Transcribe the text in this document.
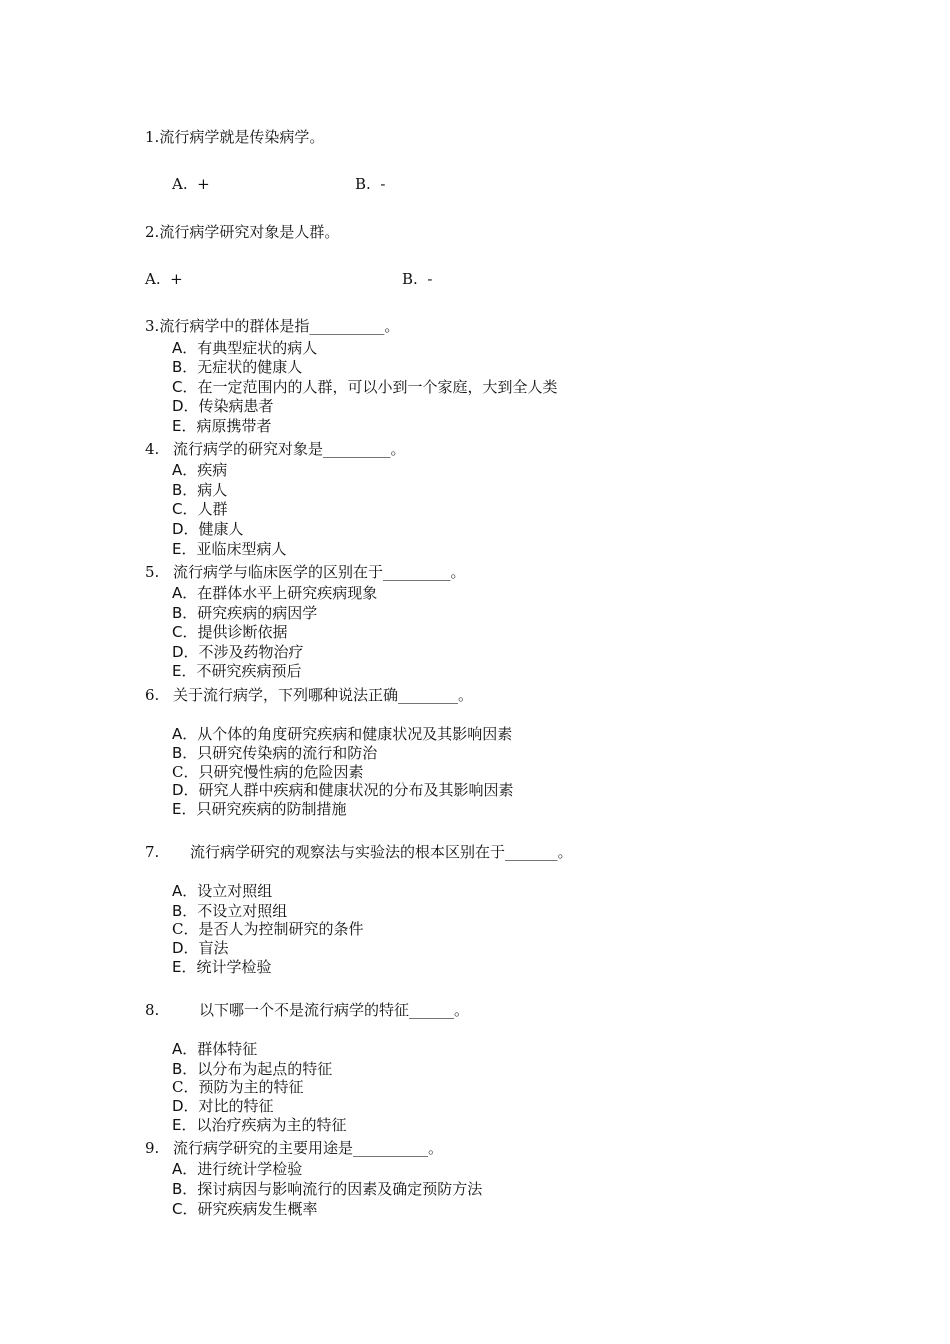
1.流行病学就是传染病学。
A.  +	B.  -
2.流行病学研究对象是人群。
A.  +	B.  -
3.流行病学中的群体是指__________。
A．有典型症状的病人
B．无症状的健康人
C．在一定范围内的人群，可以小到一个家庭，大到全人类
D．传染病患者
E．病原携带者
4. 流行病学的研究对象是_________。
A．疾病
B．病人
C．人群
D．健康人
E．亚临床型病人
5. 流行病学与临床医学的区别在于_________。
A．在群体水平上研究疾病现象
B．研究疾病的病因学
C．提供诊断依据
D．不涉及药物治疗
E．不研究疾病预后
6. 关于流行病学，下列哪种说法正确________。
A．从个体的角度研究疾病和健康状况及其影响因素
B．只研究传染病的流行和防治
C．只研究慢性病的危险因素
D．研究人群中疾病和健康状况的分布及其影响因素
E．只研究疾病的防制措施
7. 流行病学研究的观察法与实验法的根本区别在于_______。
A．设立对照组
B．不设立对照组
C．是否人为控制研究的条件
D．盲法
E．统计学检验
8.	以下哪一个不是流行病学的特征______。
A．群体特征
B．以分布为起点的特征
C．预防为主的特征
D．对比的特征
E．以治疗疾病为主的特征
9. 流行病学研究的主要用途是__________。
A．进行统计学检验
B．探讨病因与影响流行的因素及确定预防方法
C．研究疾病发生概率
